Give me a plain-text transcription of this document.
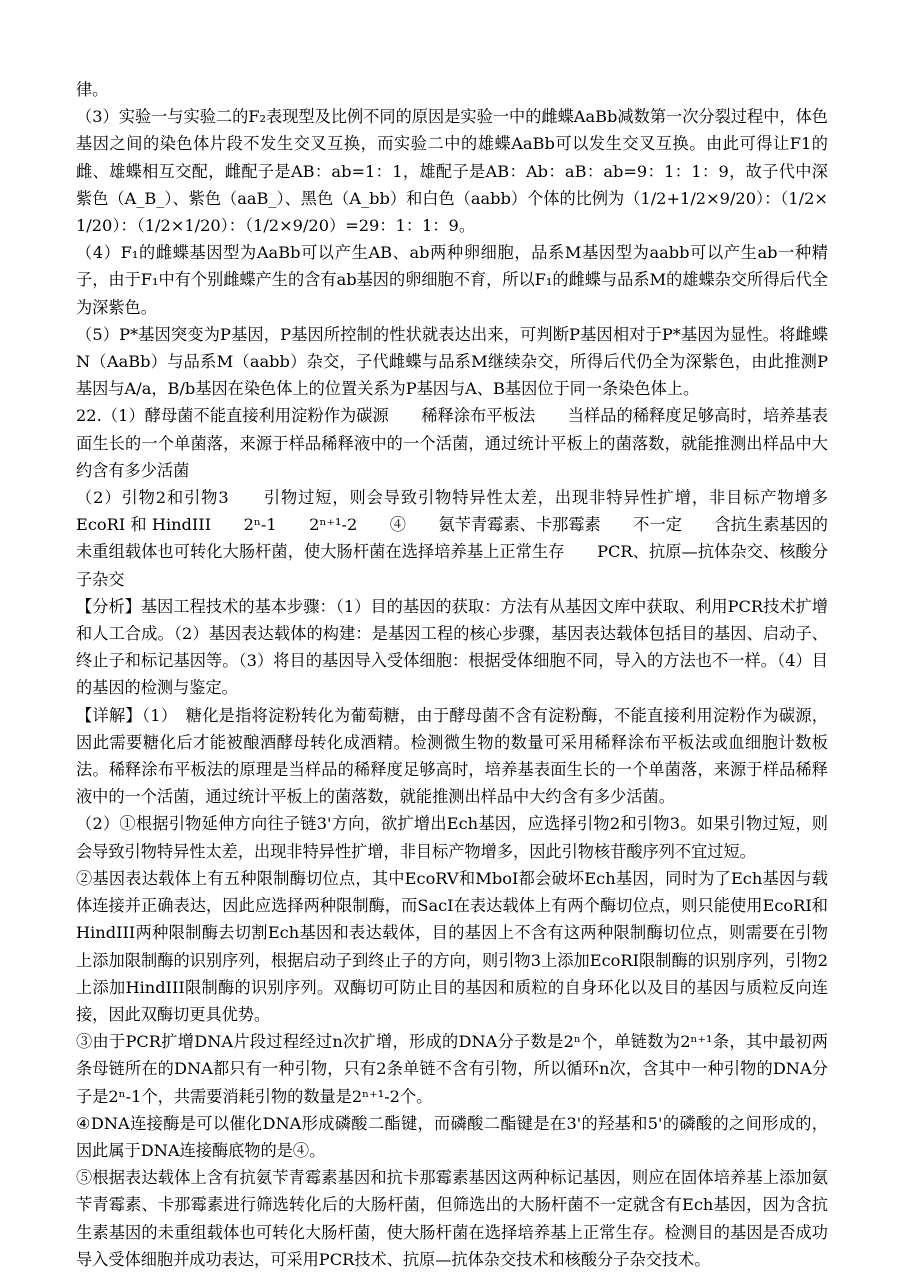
律。

（3）实验一与实验二的F₂表现型及比例不同的原因是实验一中的雌蝶AaBb减数第一次分裂过程中，体色基因之间的染色体片段不发生交叉互换，而实验二中的雄蝶AaBb可以发生交叉互换。由此可得让F1的雌、雄蝶相互交配，雌配子是AB：ab=1：1，雄配子是AB：Ab：aB：ab=9：1：1：9，故子代中深紫色（A_B_）、紫色（aaB_）、黑色（A_bb）和白色（aabb）个体的比例为（1/2+1/2×9/20）：（1/2×1/20）：（1/2×1/20）：（1/2×9/20）=29：1：1：9。

（4）F₁的雌蝶基因型为AaBb可以产生AB、ab两种卵细胞，品系M基因型为aabb可以产生ab一种精子，由于F₁中有个别雌蝶产生的含有ab基因的卵细胞不育，所以F₁的雌蝶与品系M的雄蝶杂交所得后代全为深紫色。

（5）P*基因突变为P基因，P基因所控制的性状就表达出来，可判断P基因相对于P*基因为显性。将雌蝶N（AaBb）与品系M（aabb）杂交，子代雌蝶与品系M继续杂交，所得后代仍全为深紫色，由此推测P基因与A/a，B/b基因在染色体上的位置关系为P基因与A、B基因位于同一条染色体上。

22.（1）酵母菌不能直接利用淀粉作为碳源　　稀释涂布平板法　　当样品的稀释度足够高时，培养基表面生长的一个单菌落，来源于样品稀释液中的一个活菌，通过统计平板上的菌落数，就能推测出样品中大约含有多少活菌

（2）引物2和引物3　　引物过短，则会导致引物特异性太差，出现非特异性扩增，非目标产物增多　　EcoRI 和 HindIII　　2ⁿ-1　　2ⁿ⁺¹-2　　④　　氨苄青霉素、卡那霉素　　不一定　　含抗生素基因的未重组载体也可转化大肠杆菌，使大肠杆菌在选择培养基上正常生存　　PCR、抗原—抗体杂交、核酸分子杂交

【分析】基因工程技术的基本步骤：（1）目的基因的获取：方法有从基因文库中获取、利用PCR技术扩增和人工合成。（2）基因表达载体的构建：是基因工程的核心步骤，基因表达载体包括目的基因、启动子、终止子和标记基因等。（3）将目的基因导入受体细胞：根据受体细胞不同，导入的方法也不一样。（4）目的基因的检测与鉴定。

【详解】（1）　糖化是指将淀粉转化为葡萄糖，由于酵母菌不含有淀粉酶，不能直接利用淀粉作为碳源，因此需要糖化后才能被酿酒酵母转化成酒精。检测微生物的数量可采用稀释涂布平板法或血细胞计数板法。稀释涂布平板法的原理是当样品的稀释度足够高时，培养基表面生长的一个单菌落，来源于样品稀释液中的一个活菌，通过统计平板上的菌落数，就能推测出样品中大约含有多少活菌。

（2）①根据引物延伸方向往子链3'方向，欲扩增出Ech基因，应选择引物2和引物3。如果引物过短，则会导致引物特异性太差，出现非特异性扩增，非目标产物增多，因此引物核苷酸序列不宜过短。

②基因表达载体上有五种限制酶切位点，其中EcoRV和MboI都会破坏Ech基因，同时为了Ech基因与载体连接并正确表达，因此应选择两种限制酶，而SacI在表达载体上有两个酶切位点，则只能使用EcoRI和HindIII两种限制酶去切割Ech基因和表达载体，目的基因上不含有这两种限制酶切位点，则需要在引物上添加限制酶的识别序列，根据启动子到终止子的方向，则引物3上添加EcoRI限制酶的识别序列，引物2上添加HindIII限制酶的识别序列。双酶切可防止目的基因和质粒的自身环化以及目的基因与质粒反向连接，因此双酶切更具优势。

③由于PCR扩增DNA片段过程经过n次扩增，形成的DNA分子数是2ⁿ个，单链数为2ⁿ⁺¹条，其中最初两条母链所在的DNA都只有一种引物，只有2条单链不含有引物，所以循环n次，含其中一种引物的DNA分子是2ⁿ-1个，共需要消耗引物的数量是2ⁿ⁺¹-2个。

④DNA连接酶是可以催化DNA形成磷酸二酯键，而磷酸二酯键是在3'的羟基和5'的磷酸的之间形成的，因此属于DNA连接酶底物的是④。

⑤根据表达载体上含有抗氨苄青霉素基因和抗卡那霉素基因这两种标记基因，则应在固体培养基上添加氨苄青霉素、卡那霉素进行筛选转化后的大肠杆菌，但筛选出的大肠杆菌不一定就含有Ech基因，因为含抗生素基因的未重组载体也可转化大肠杆菌，使大肠杆菌在选择培养基上正常生存。检测目的基因是否成功导入受体细胞并成功表达，可采用PCR技术、抗原—抗体杂交技术和核酸分子杂交技术。
